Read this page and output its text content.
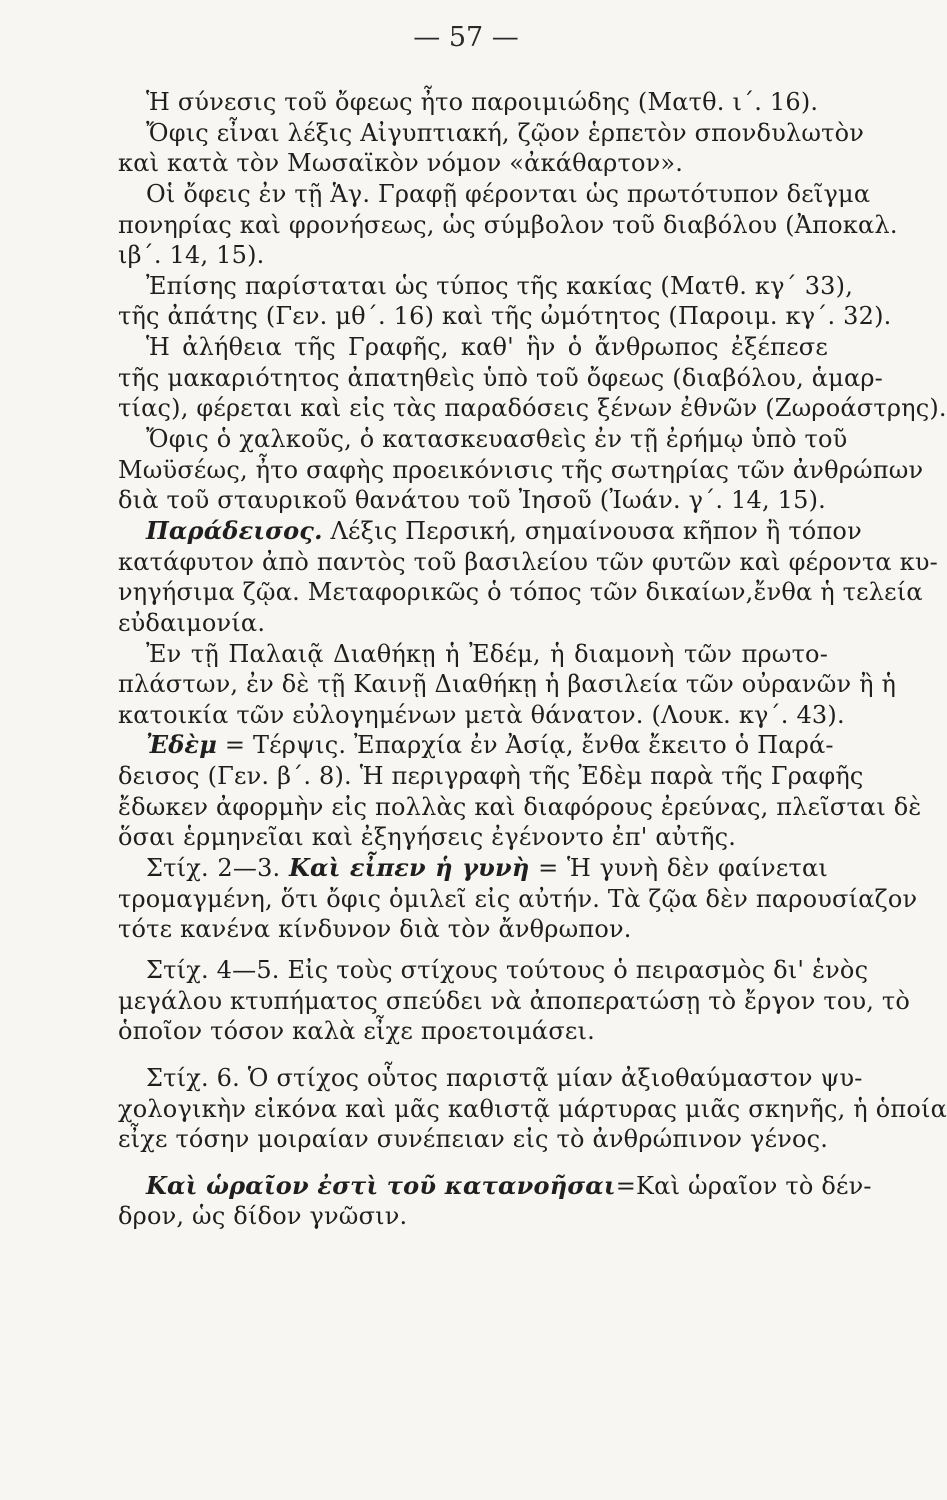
— 57 —
Ἡ σύνεσις τοῦ ὄφεως ἦτο παροιμιώδης (Ματθ. ι΄. 16).
Ὄφις εἶναι λέξις Αἰγυπτιακή, ζῷον ἑρπετὸν σπονδυλωτὸν
καὶ κατὰ τὸν Μωσαϊκὸν νόμον «ἀκάθαρτον».
Οἱ ὄφεις ἐν τῇ Ἁγ. Γραφῇ φέρονται ὡς πρωτότυπον δεῖγμα
πονηρίας καὶ φρονήσεως, ὡς σύμβολον τοῦ διαβόλου (Ἀποκαλ.
ιβ΄. 14, 15).
Ἐπίσης παρίσταται ὡς τύπος τῆς κακίας (Ματθ. κγ΄ 33),
τῆς ἀπάτης (Γεν. μθ΄. 16) καὶ τῆς ὠμότητος (Παροιμ. κγ΄. 32).
Ἡ ἀλήθεια τῆς Γραφῆς, καθ' ἣν ὁ ἄνθρωπος ἐξέπεσε
τῆς μακαριότητος ἀπατηθεὶς ὑπὸ τοῦ ὄφεως (διαβόλου, ἁμαρ-
τίας), φέρεται καὶ εἰς τὰς παραδόσεις ξένων ἐθνῶν (Ζωροάστρης).
Ὄφις ὁ χαλκοῦς, ὁ κατασκευασθεὶς ἐν τῇ ἐρήμῳ ὑπὸ τοῦ
Μωϋσέως, ἦτο σαφὴς προεικόνισις τῆς σωτηρίας τῶν ἀνθρώπων
διὰ τοῦ σταυρικοῦ θανάτου τοῦ Ἰησοῦ (Ἰωάν. γ΄. 14, 15).
Παράδεισος. Λέξις Περσική, σημαίνουσα κῆπον ἢ τόπον
κατάφυτον ἀπὸ παντὸς τοῦ βασιλείου τῶν φυτῶν καὶ φέροντα κυ-
νηγήσιμα ζῷα. Μεταφορικῶς ὁ τόπος τῶν δικαίων,ἔνθα ἡ τελεία
εὐδαιμονία.
Ἐν τῇ Παλαιᾷ Διαθήκῃ ἡ Ἐδέμ, ἡ διαμονὴ τῶν πρωτο-
πλάστων, ἐν δὲ τῇ Καινῇ Διαθήκῃ ἡ βασιλεία τῶν οὐρανῶν ἢ ἡ
κατοικία τῶν εὐλογημένων μετὰ θάνατον. (Λουκ. κγ΄. 43).
Ἐδὲμ = Τέρψις. Ἐπαρχία ἐν Ἀσίᾳ, ἔνθα ἔκειτο ὁ Παρά-
δεισος (Γεν. β΄. 8). Ἡ περιγραφὴ τῆς Ἐδὲμ παρὰ τῆς Γραφῆς
ἔδωκεν ἀφορμὴν εἰς πολλὰς καὶ διαφόρους ἐρεύνας, πλεῖσται δὲ
ὅσαι ἑρμηνεῖαι καὶ ἐξηγήσεις ἐγένοντο ἐπ' αὐτῆς.
Στίχ. 2—3. Καὶ εἶπεν ἡ γυνὴ = Ἡ γυνὴ δὲν φαίνεται
τρομαγμένη, ὅτι ὄφις ὁμιλεῖ εἰς αὐτήν. Τὰ ζῷα δὲν παρουσίαζον
τότε κανένα κίνδυνον διὰ τὸν ἄνθρωπον.
Στίχ. 4—5. Εἰς τοὺς στίχους τούτους ὁ πειρασμὸς δι' ἑνὸς
μεγάλου κτυπήματος σπεύδει νὰ ἀποπερατώσῃ τὸ ἔργον του, τὸ
ὁποῖον τόσον καλὰ εἶχε προετοιμάσει.
Στίχ. 6. Ὁ στίχος οὗτος παριστᾷ μίαν ἀξιοθαύμαστον ψυ-
χολογικὴν εἰκόνα καὶ μᾶς καθιστᾷ μάρτυρας μιᾶς σκηνῆς, ἡ ὁποία
εἶχε τόσην μοιραίαν συνέπειαν εἰς τὸ ἀνθρώπινον γένος.
Καὶ ὡραῖον ἐστὶ τοῦ κατανοῆσαι=Καὶ ὡραῖον τὸ δέν-
δρον, ὡς δίδον γνῶσιν.
